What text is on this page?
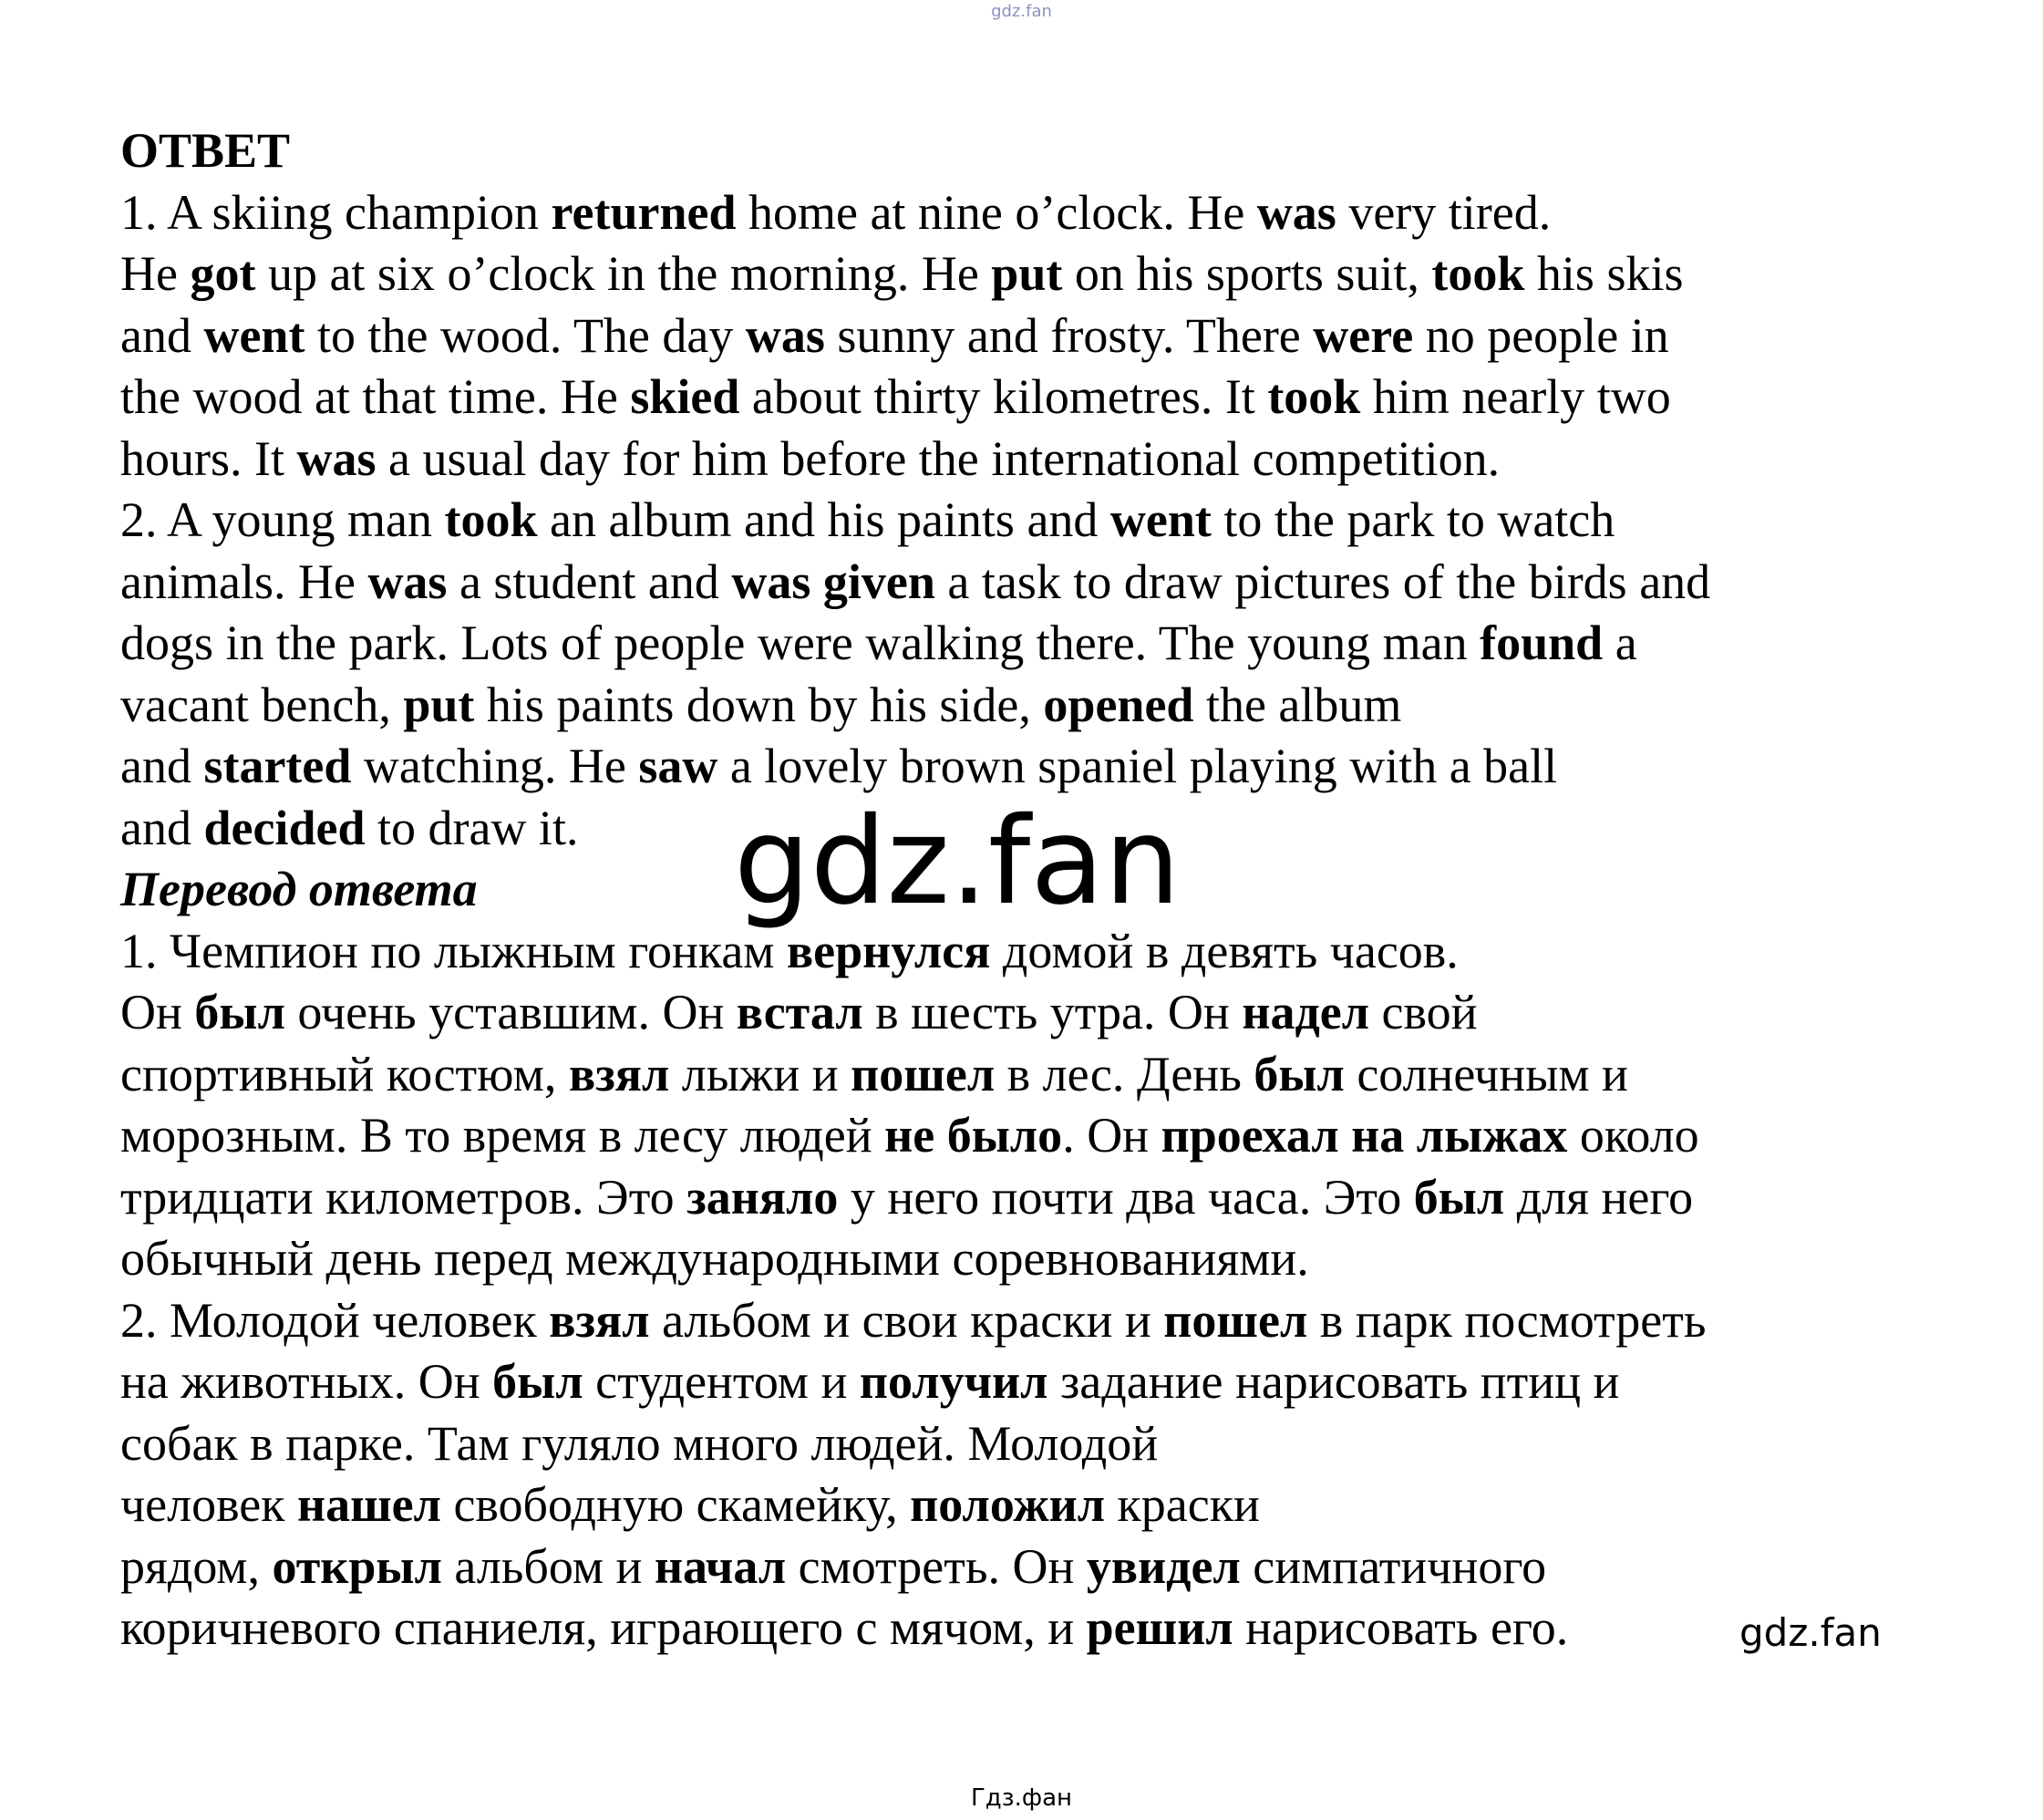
gdz.fan
ОТВЕТ
1. A skiing champion returned home at nine o’clock. He was very tired.
He got up at six o’clock in the morning. He put on his sports suit, took his skis
and went to the wood. The day was sunny and frosty. There were no people in
the wood at that time. He skied about thirty kilometres. It took him nearly two
hours. It was a usual day for him before the international competition.
2. A young man took an album and his paints and went to the park to watch
animals. He was a student and was given a task to draw pictures of the birds and
dogs in the park. Lots of people were walking there. The young man found a
vacant bench, put his paints down by his side, opened the album
and started watching. He saw a lovely brown spaniel playing with a ball
and decided to draw it.
Перевод ответа
1. Чемпион по лыжным гонкам вернулся домой в девять часов.
Он был очень уставшим. Он встал в шесть утра. Он надел свой
спортивный костюм, взял лыжи и пошел в лес. День был солнечным и
морозным. В то время в лесу людей не было. Он проехал на лыжах около
тридцати километров. Это заняло у него почти два часа. Это был для него
обычный день перед международными соревнованиями.
2. Молодой человек взял альбом и свои краски и пошел в парк посмотреть
на животных. Он был студентом и получил задание нарисовать птиц и
собак в парке. Там гуляло много людей. Молодой
человек нашел свободную скамейку, положил краски
рядом, открыл альбом и начал смотреть. Он увидел симпатичного
коричневого спаниеля, играющего с мячом, и решил нарисовать его.
gdz.fan
gdz.fan
Гдз.фан
